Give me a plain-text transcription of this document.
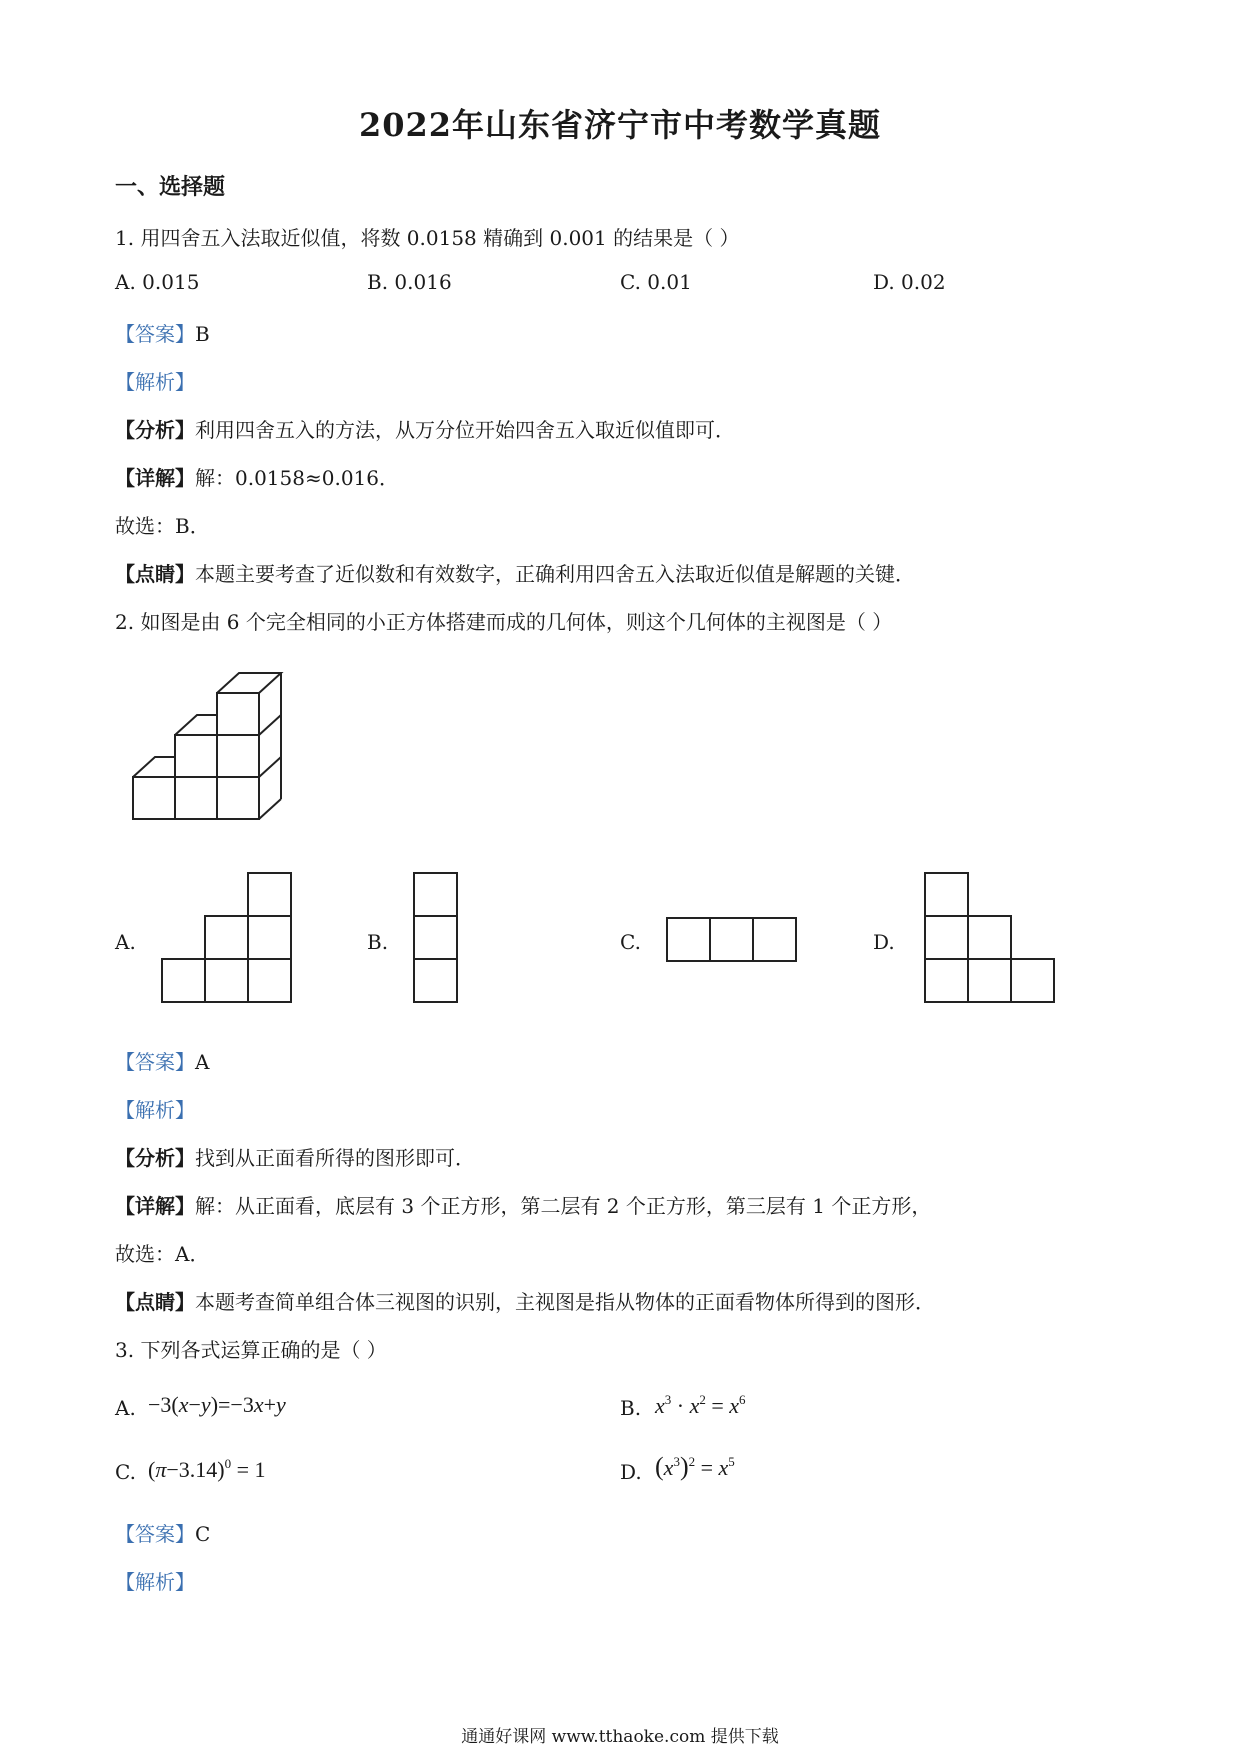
2022年山东省济宁市中考数学真题
一、选择题
1. 用四舍五入法取近似值，将数 0.0158 精确到 0.001 的结果是（ ）
A. 0.015	B. 0.016	C. 0.01	D. 0.02
【答案】B
【解析】
【分析】利用四舍五入的方法，从万分位开始四舍五入取近似值即可．
【详解】解：0.0158≈0.016．
故选：B．
【点睛】本题主要考查了近似数和有效数字，正确利用四舍五入法取近似值是解题的关键．
2. 如图是由 6 个完全相同的小正方体搭建而成的几何体，则这个几何体的主视图是（ ）
A.	B.	C.	D.
【答案】A
【解析】
【分析】找到从正面看所得的图形即可．
【详解】解：从正面看，底层有 3 个正方形，第二层有 2 个正方形，第三层有 1 个正方形，
故选：A．
【点睛】本题考查简单组合体三视图的识别，主视图是指从物体的正面看物体所得到的图形．
3. 下列各式运算正确的是（ ）
A. −3(x−y)=−3x+y	B. $x^3 \cdot x^2 = x^6$
C. $(\pi-3.14)^0 = 1$	D. $(x^3)^2 = x^5$
【答案】C
【解析】
通通好课网 www.tthaoke.com 提供下载
